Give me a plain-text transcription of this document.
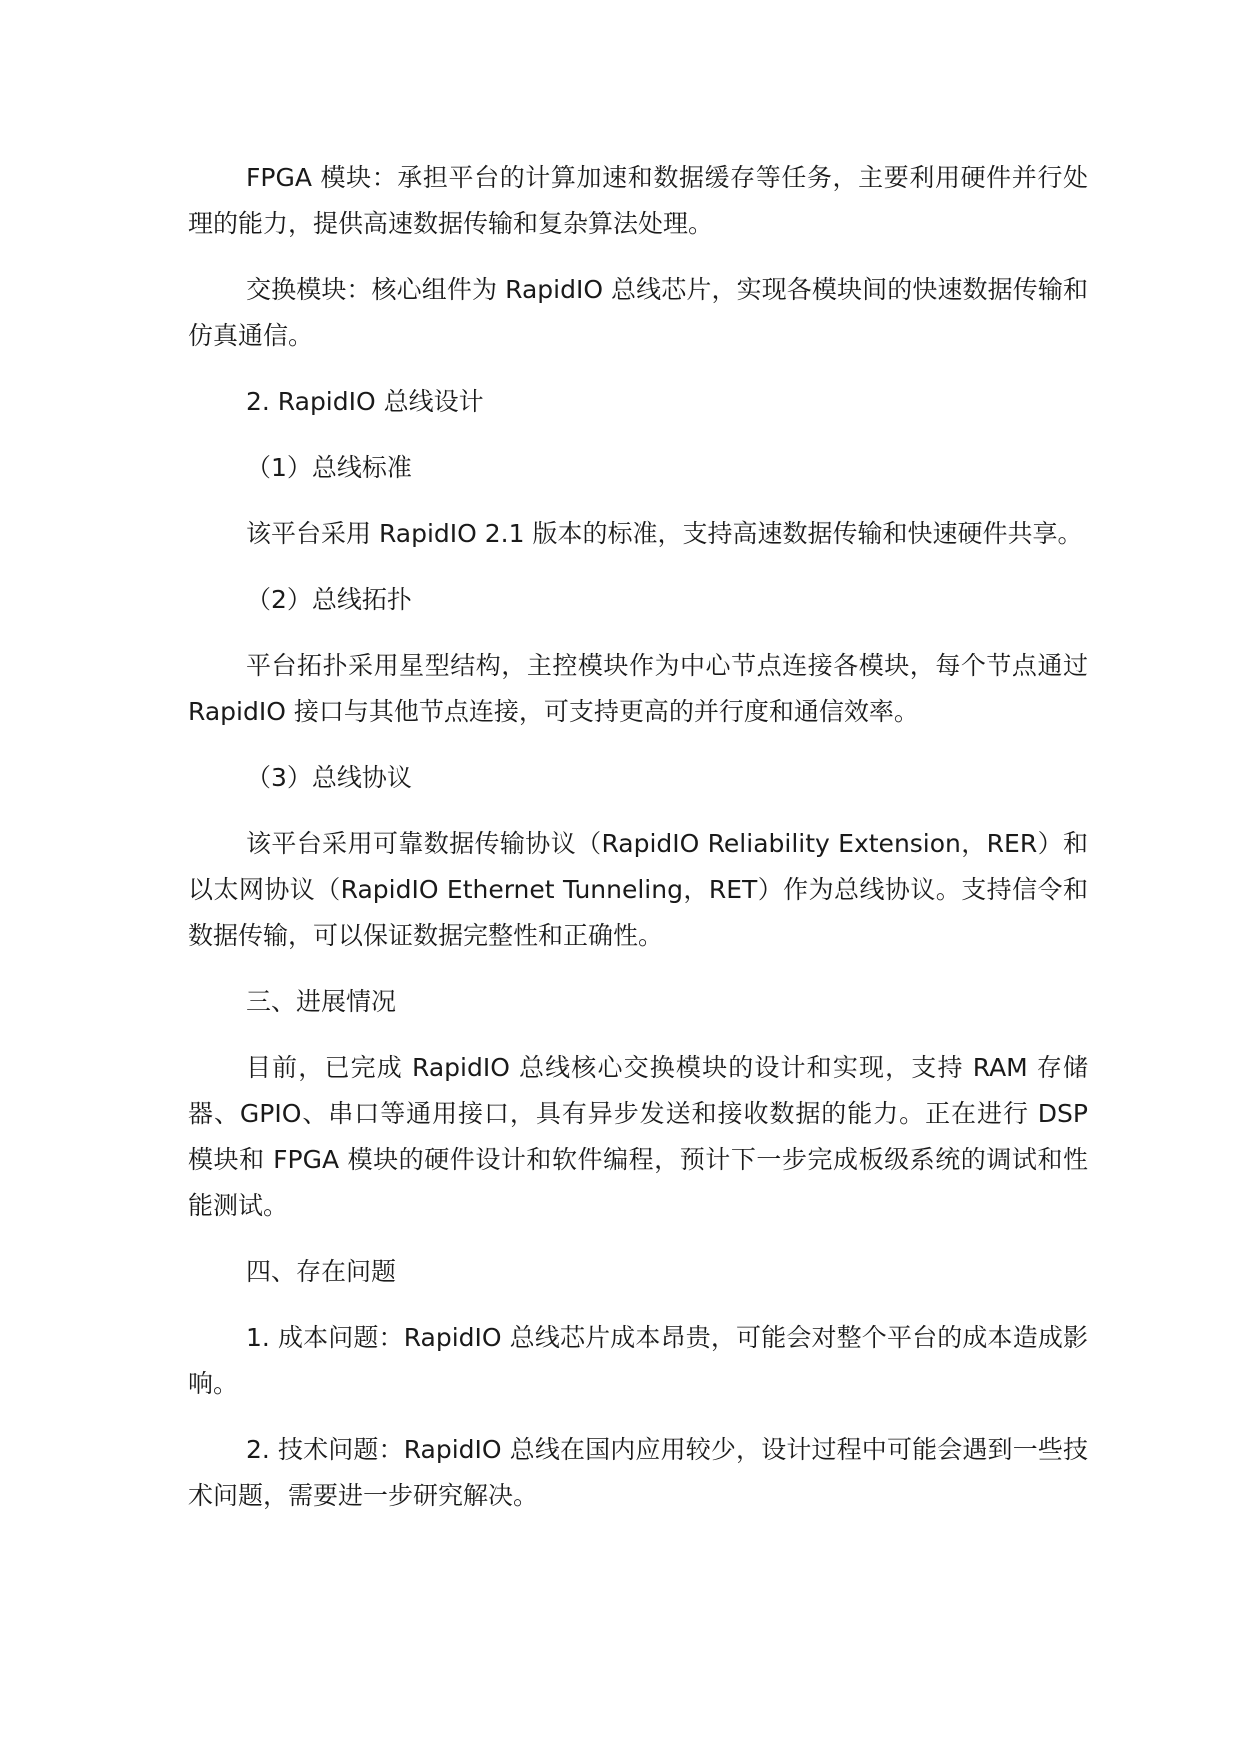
FPGA 模块：承担平台的计算加速和数据缓存等任务，主要利用硬件并行处理的能力，提供高速数据传输和复杂算法处理。

交换模块：核心组件为 RapidIO 总线芯片，实现各模块间的快速数据传输和仿真通信。

2. RapidIO 总线设计

（1）总线标准

该平台采用 RapidIO 2.1 版本的标准，支持高速数据传输和快速硬件共享。

（2）总线拓扑

平台拓扑采用星型结构，主控模块作为中心节点连接各模块，每个节点通过 RapidIO 接口与其他节点连接，可支持更高的并行度和通信效率。

（3）总线协议

该平台采用可靠数据传输协议（RapidIO Reliability Extension，RER）和以太网协议（RapidIO Ethernet Tunneling，RET）作为总线协议。支持信令和数据传输，可以保证数据完整性和正确性。

三、进展情况

目前，已完成 RapidIO 总线核心交换模块的设计和实现，支持 RAM 存储器、GPIO、串口等通用接口，具有异步发送和接收数据的能力。正在进行 DSP 模块和 FPGA 模块的硬件设计和软件编程，预计下一步完成板级系统的调试和性能测试。

四、存在问题

1. 成本问题：RapidIO 总线芯片成本昂贵，可能会对整个平台的成本造成影响。

2. 技术问题：RapidIO 总线在国内应用较少，设计过程中可能会遇到一些技术问题，需要进一步研究解决。
